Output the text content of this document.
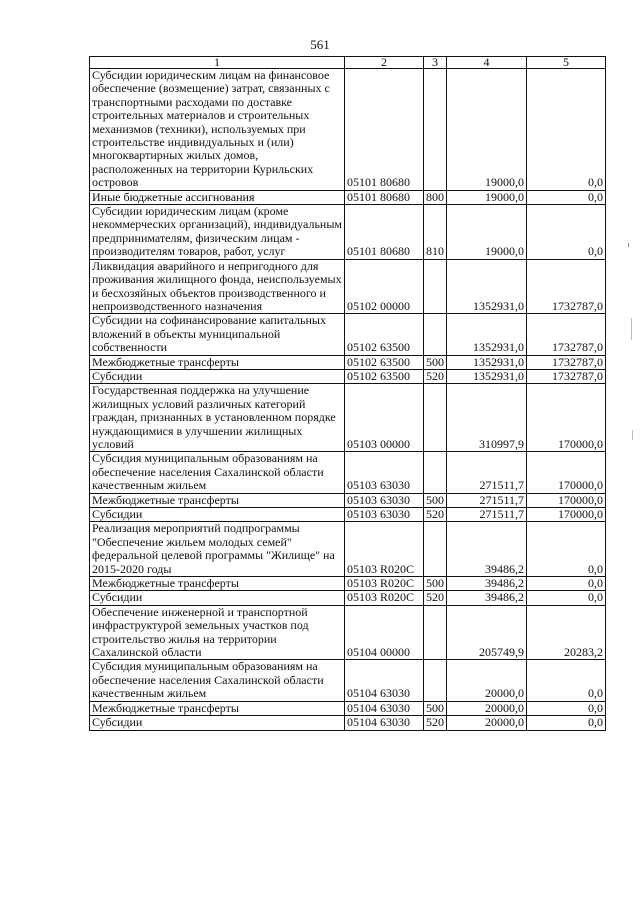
561
1	2	3	4	5
Субсидии юридическим лицам на финансовое обеспечение (возмещение) затрат, связанных с транспортными расходами по доставке строительных материалов и строительных механизмов (техники), используемых при строительстве индивидуальных и (или) многоквартирных жилых домов, расположенных на территории Курильских островов	05101 80680		19000,0	0,0
Иные бюджетные ассигнования	05101 80680	800	19000,0	0,0
Субсидии юридическим лицам (кроме некоммерческих организаций), индивидуальным предпринимателям, физическим лицам - производителям товаров, работ, услуг	05101 80680	810	19000,0	0,0
Ликвидация аварийного и непригодного для проживания жилищного фонда, неиспользуемых и бесхозяйных объектов производственного и непроизводственного назначения	05102 00000		1352931,0	1732787,0
Субсидии на софинансирование капитальных вложений в объекты муниципальной собственности	05102 63500		1352931,0	1732787,0
Межбюджетные трансферты	05102 63500	500	1352931,0	1732787,0
Субсидии	05102 63500	520	1352931,0	1732787,0
Государственная поддержка на улучшение жилищных условий различных категорий граждан, признанных в установленном порядке нуждающимися в улучшении жилищных условий	05103 00000		310997,9	170000,0
Субсидия муниципальным образованиям на обеспечение населения Сахалинской области качественным жильем	05103 63030		271511,7	170000,0
Межбюджетные трансферты	05103 63030	500	271511,7	170000,0
Субсидии	05103 63030	520	271511,7	170000,0
Реализация мероприятий подпрограммы "Обеспечение жильем молодых семей" федеральной целевой программы "Жилище" на 2015-2020 годы	05103 R020C		39486,2	0,0
Межбюджетные трансферты	05103 R020C	500	39486,2	0,0
Субсидии	05103 R020C	520	39486,2	0,0
Обеспечение инженерной и транспортной инфраструктурой земельных участков под строительство жилья на территории Сахалинской области	05104 00000		205749,9	20283,2
Субсидия муниципальным образованиям на обеспечение населения Сахалинской области качественным жильем	05104 63030		20000,0	0,0
Межбюджетные трансферты	05104 63030	500	20000,0	0,0
Субсидии	05104 63030	520	20000,0	0,0
